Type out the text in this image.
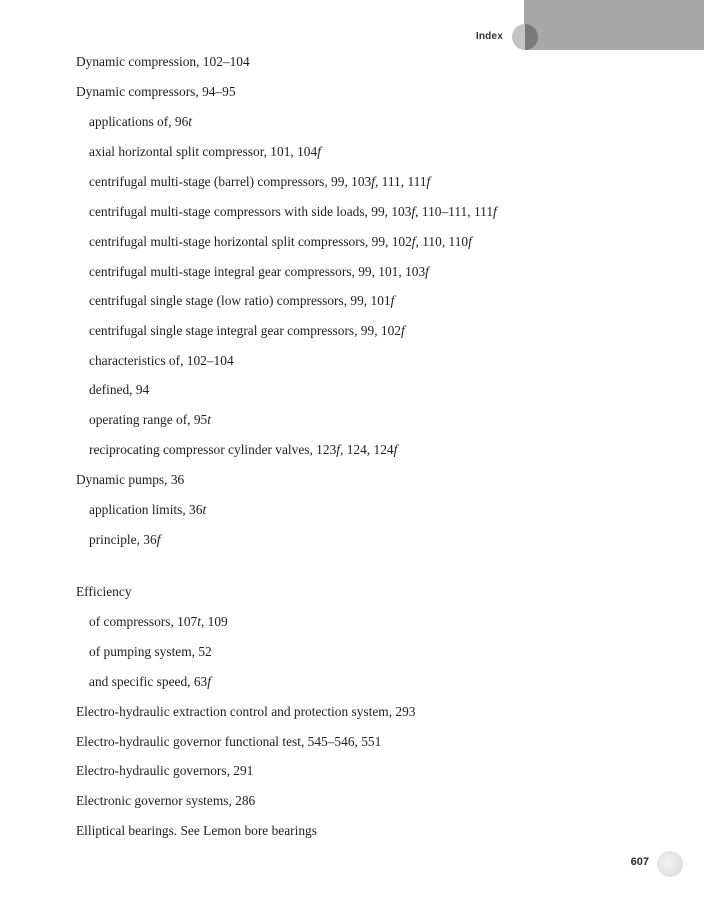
Index
Dynamic compression, 102–104
Dynamic compressors, 94–95
applications of, 96t
axial horizontal split compressor, 101, 104f
centrifugal multi-stage (barrel) compressors, 99, 103f, 111, 111f
centrifugal multi-stage compressors with side loads, 99, 103f, 110–111, 111f
centrifugal multi-stage horizontal split compressors, 99, 102f, 110, 110f
centrifugal multi-stage integral gear compressors, 99, 101, 103f
centrifugal single stage (low ratio) compressors, 99, 101f
centrifugal single stage integral gear compressors, 99, 102f
characteristics of, 102–104
defined, 94
operating range of, 95t
reciprocating compressor cylinder valves, 123f, 124, 124f
Dynamic pumps, 36
application limits, 36t
principle, 36f
Efficiency
of compressors, 107t, 109
of pumping system, 52
and specific speed, 63f
Electro-hydraulic extraction control and protection system, 293
Electro-hydraulic governor functional test, 545–546, 551
Electro-hydraulic governors, 291
Electronic governor systems, 286
Elliptical bearings. See Lemon bore bearings
607
